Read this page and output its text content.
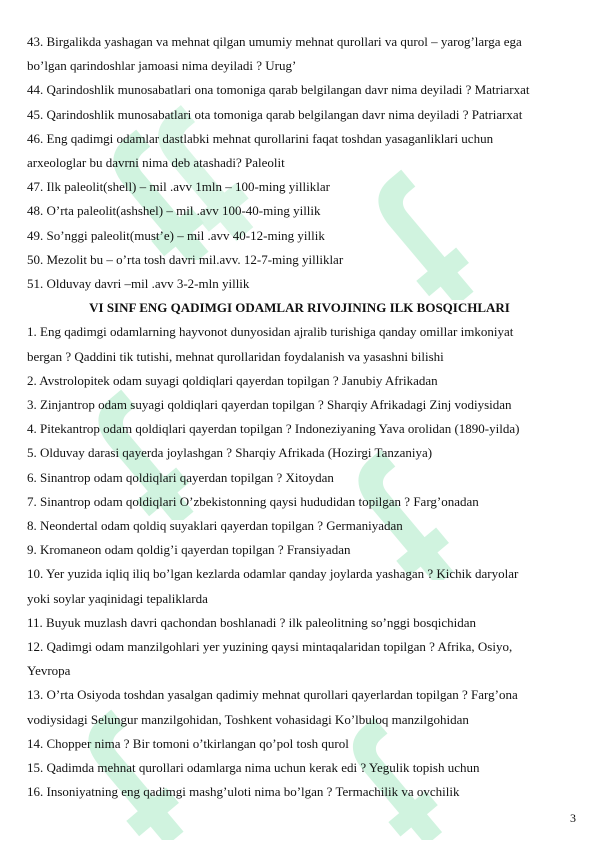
43. Birgalikda yashagan va mehnat qilgan umumiy mehnat qurollari va qurol – yarog’larga ega
bo’lgan qarindoshlar jamoasi nima deyiladi ? Urug’
44. Qarindoshlik munosabatlari ona tomoniga qarab belgilangan davr nima deyiladi ? Matriarxat
45. Qarindoshlik munosabatlari ota tomoniga qarab belgilangan davr nima deyiladi ? Patriarxat
46. Eng qadimgi odamlar dastlabki mehnat qurollarini faqat toshdan yasaganliklari uchun
arxeologlar bu davrni nima deb atashadi? Paleolit
47. Ilk paleolit(shell) – mil .avv 1mln – 100-ming yilliklar
48. O’rta paleolit(ashshel) – mil .avv 100-40-ming yillik
49. So’nggi paleolit(must’e) – mil .avv 40-12-ming yillik
50. Mezolit bu – o’rta tosh davri mil.avv. 12-7-ming yilliklar
51. Olduvay davri –mil .avv 3-2-mln yillik
VI SINF ENG QADIMGI ODAMLAR RIVOJINING ILK BOSQICHLARI
1. Eng qadimgi odamlarning hayvonot dunyosidan ajralib turishiga qanday omillar imkoniyat
bergan ? Qaddini tik tutishi, mehnat qurollaridan foydalanish va yasashni bilishi
2. Avstrolopitek odam suyagi qoldiqlari qayerdan topilgan ? Janubiy Afrikadan
3. Zinjantrop odam suyagi qoldiqlari qayerdan topilgan ? Sharqiy Afrikadagi Zinj vodiysidan
4. Pitekantrop odam qoldiqlari qayerdan topilgan ? Indoneziyaning Yava orolidan (1890-yilda)
5. Olduvay darasi qayerda joylashgan ? Sharqiy Afrikada (Hozirgi Tanzaniya)
6. Sinantrop odam qoldiqlari qayerdan topilgan ? Xitoydan
7. Sinantrop odam qoldiqlari O’zbekistonning qaysi hududidan topilgan ? Farg’onadan
8. Neondertal odam qoldiq suyaklari qayerdan topilgan ? Germaniyadan
9. Kromaneon odam qoldig’i qayerdan topilgan ? Fransiyadan
10. Yer yuzida iqliq iliq bo’lgan kezlarda odamlar qanday joylarda yashagan ? Kichik daryolar
yoki soylar yaqinidagi tepaliklarda
11. Buyuk muzlash davri qachondan boshlanadi ? ilk paleolitning so’nggi bosqichidan
12. Qadimgi odam manzilgohlari yer yuzining qaysi mintaqalaridan topilgan ? Afrika, Osiyo,
Yevropa
13. O’rta Osiyoda toshdan yasalgan qadimiy mehnat qurollari qayerlardan topilgan ? Farg’ona
vodiysidagi Selungur manzilgohidan, Toshkent vohasidagi Ko’lbuloq manzilgohidan
14. Chopper nima ? Bir tomoni o’tkirlangan qo’pol tosh qurol
15. Qadimda mehnat qurollari odamlarga nima uchun kerak edi ? Yegulik topish uchun
16. Insoniyatning eng qadimgi mashg’uloti nima bo’lgan ? Termachilik va ovchilik
3
